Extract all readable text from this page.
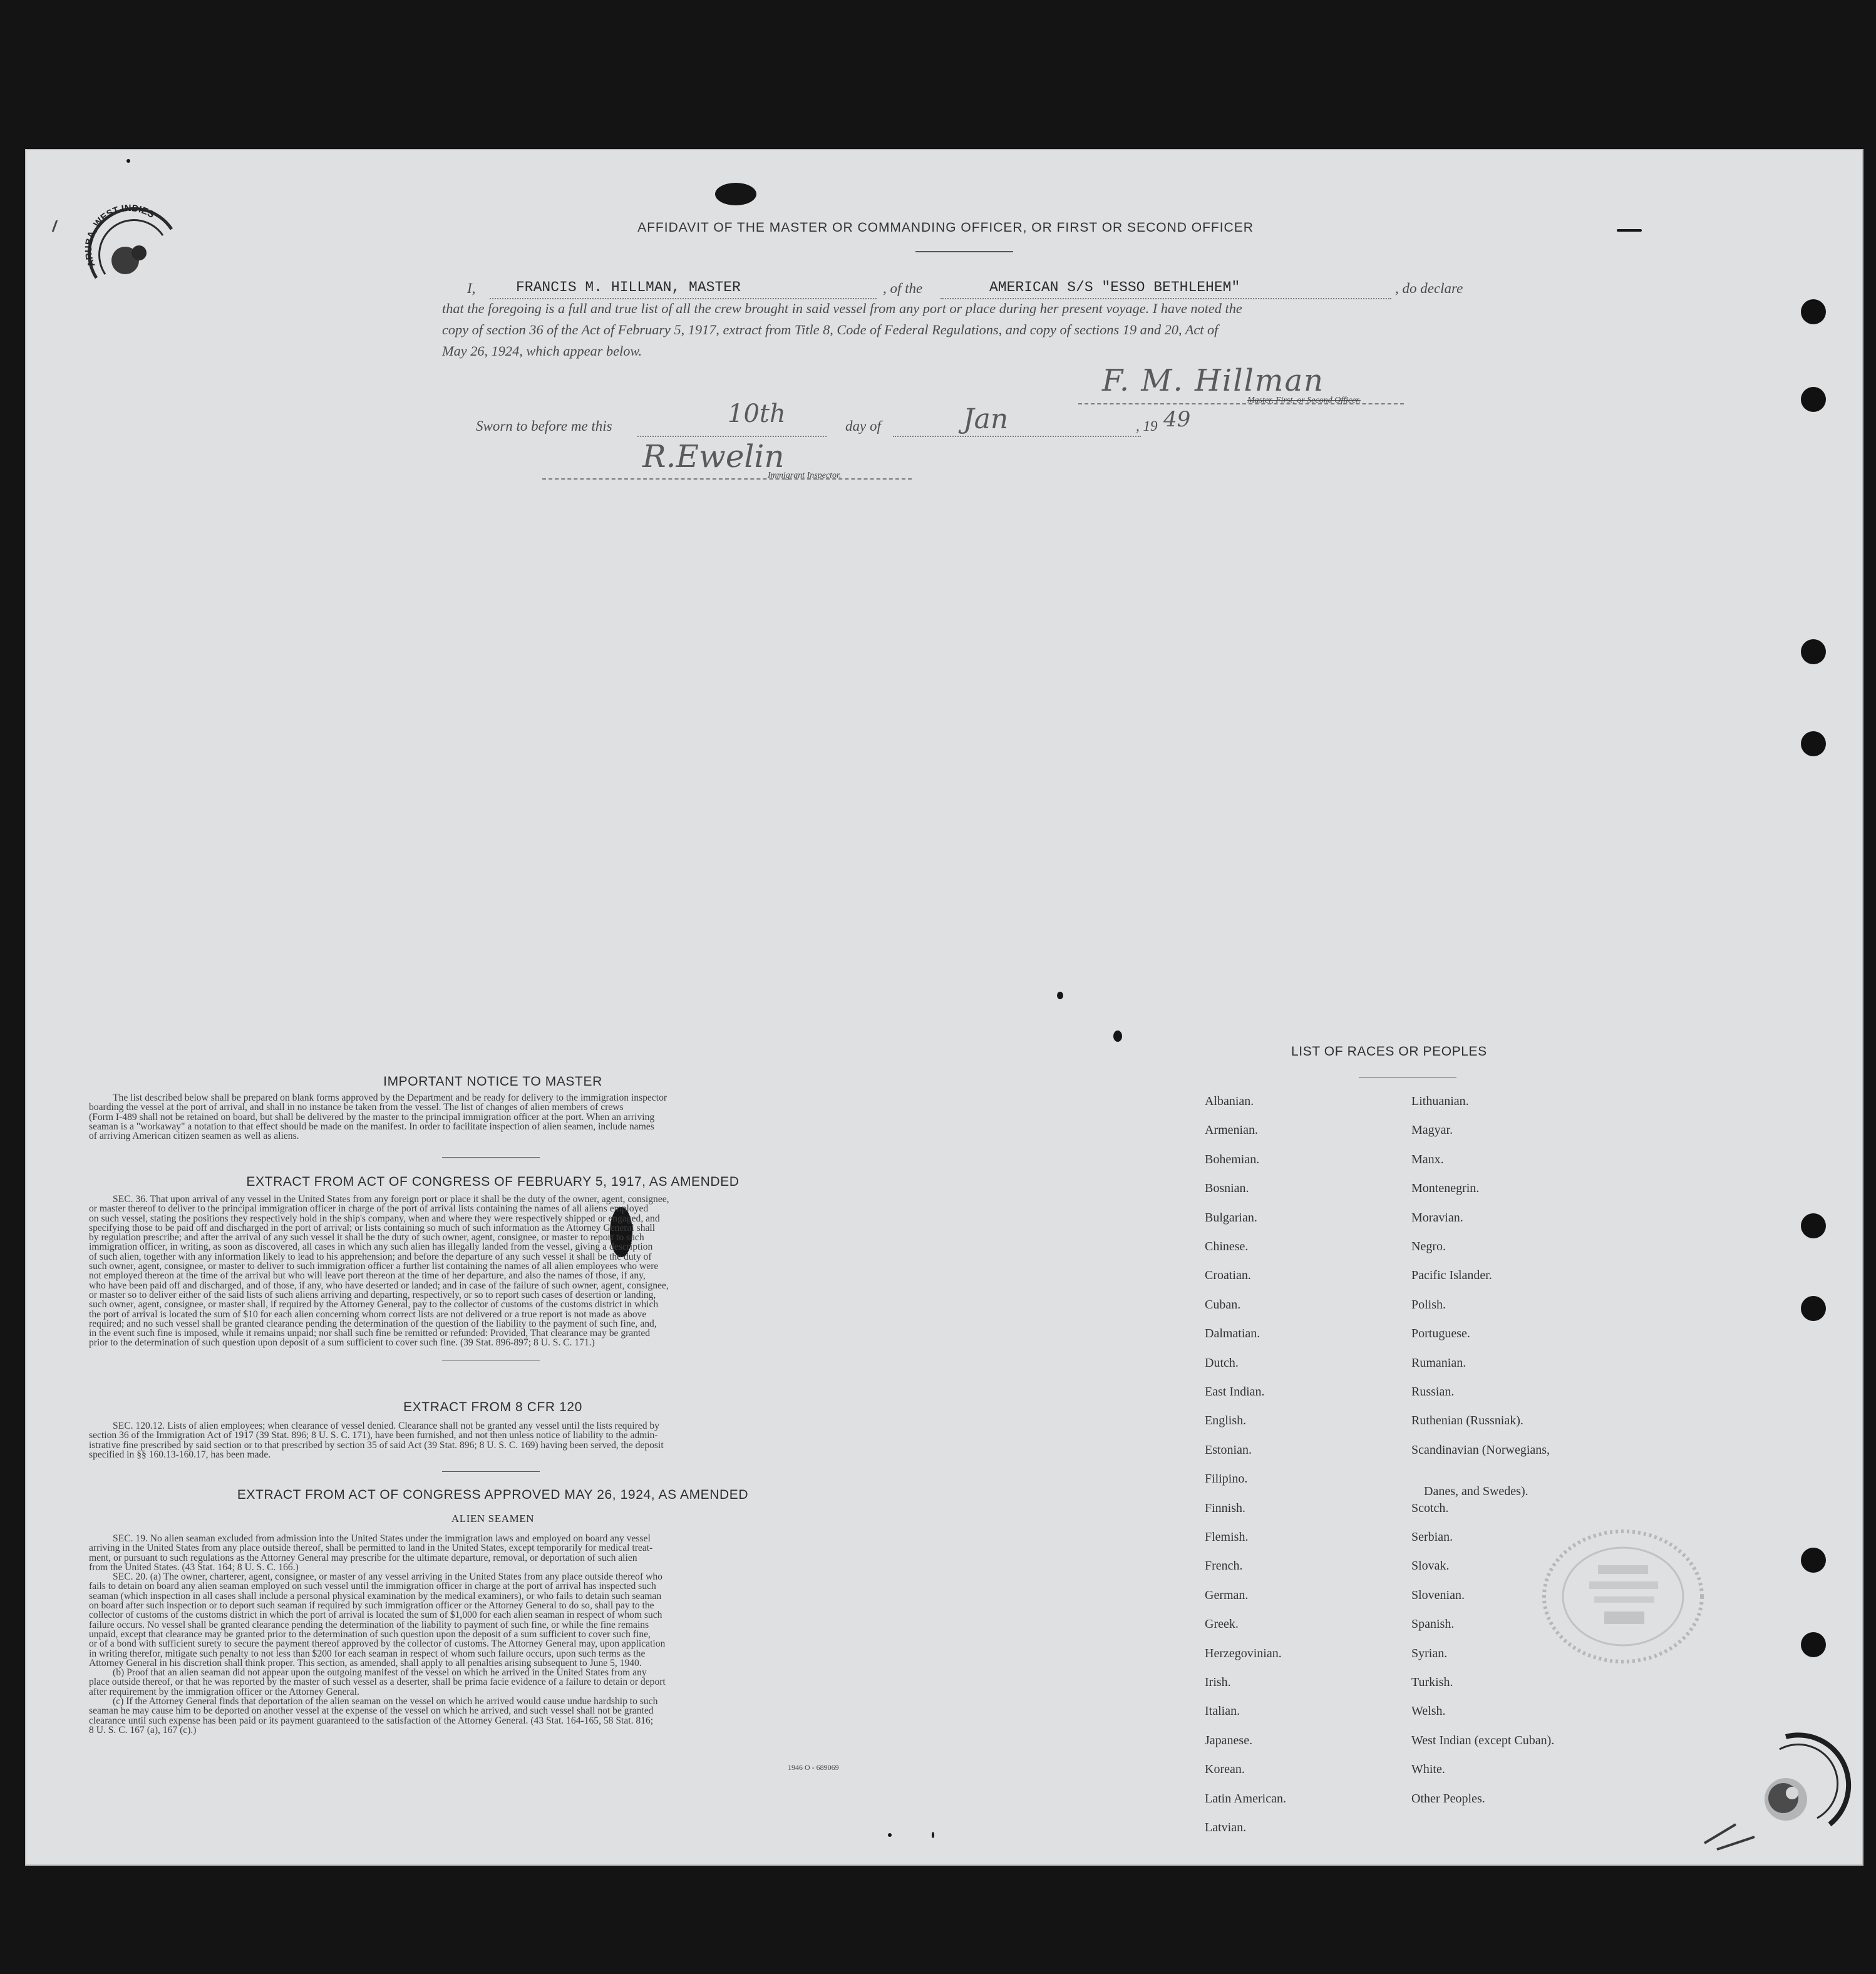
ARUBA, WEST INDIES
AFFIDAVIT OF THE MASTER OR COMMANDING OFFICER, OR FIRST OR SECOND OFFICER
I,	FRANCIS M. HILLMAN, MASTER	, of the	AMERICAN S/S "ESSO BETHLEHEM"	, do declare
that the foregoing is a full and true list of all the crew brought in said vessel from any port or place during her present voyage. I have noted the
copy of section 36 of the Act of February 5, 1917, extract from Title 8, Code of Federal Regulations, and copy of sections 19 and 20, Act of
May 26, 1924, which appear below.
F. M. Hillman
Master, First, or Second Officer.
Sworn to before me this	10th	day of	Jan	, 19 49
R.Ewelin
Immigrant Inspector.
IMPORTANT NOTICE TO MASTER
The list described below shall be prepared on blank forms approved by the Department and be ready for delivery to the immigration inspector
boarding the vessel at the port of arrival, and shall in no instance be taken from the vessel. The list of changes of alien members of crews
(Form I-489 shall not be retained on board, but shall be delivered by the master to the principal immigration officer at the port. When an arriving
seaman is a "workaway" a notation to that effect should be made on the manifest. In order to facilitate inspection of alien seamen, include names
of arriving American citizen seamen as well as aliens.
EXTRACT FROM ACT OF CONGRESS OF FEBRUARY 5, 1917, AS AMENDED
SEC. 36. That upon arrival of any vessel in the United States from any foreign port or place it shall be the duty of the owner, agent, consignee,
or master thereof to deliver to the principal immigration officer in charge of the port of arrival lists containing the names of all aliens employed
on such vessel, stating the positions they respectively hold in the ship's company, when and where they were respectively shipped or engaged, and
specifying those to be paid off and discharged in the port of arrival; or lists containing so much of such information as the Attorney General shall
by regulation prescribe; and after the arrival of any such vessel it shall be the duty of such owner, agent, consignee, or master to report to such
immigration officer, in writing, as soon as discovered, all cases in which any such alien has illegally landed from the vessel, giving a description
of such alien, together with any information likely to lead to his apprehension; and before the departure of any such vessel it shall be the duty of
such owner, agent, consignee, or master to deliver to such immigration officer a further list containing the names of all alien employees who were
not employed thereon at the time of the arrival but who will leave port thereon at the time of her departure, and also the names of those, if any,
who have been paid off and discharged, and of those, if any, who have deserted or landed; and in case of the failure of such owner, agent, consignee,
or master so to deliver either of the said lists of such aliens arriving and departing, respectively, or so to report such cases of desertion or landing,
such owner, agent, consignee, or master shall, if required by the Attorney General, pay to the collector of customs of the customs district in which
the port of arrival is located the sum of $10 for each alien concerning whom correct lists are not delivered or a true report is not made as above
required; and no such vessel shall be granted clearance pending the determination of the question of the liability to the payment of such fine, and,
in the event such fine is imposed, while it remains unpaid; nor shall such fine be remitted or refunded: Provided, That clearance may be granted
prior to the determination of such question upon deposit of a sum sufficient to cover such fine. (39 Stat. 896-897; 8 U. S. C. 171.)
EXTRACT FROM 8 CFR 120
SEC. 120.12. Lists of alien employees; when clearance of vessel denied. Clearance shall not be granted any vessel until the lists required by
section 36 of the Immigration Act of 1917 (39 Stat. 896; 8 U. S. C. 171), have been furnished, and not then unless notice of liability to the admin-
istrative fine prescribed by said section or to that prescribed by section 35 of said Act (39 Stat. 896; 8 U. S. C. 169) having been served, the deposit
specified in §§ 160.13-160.17, has been made.
EXTRACT FROM ACT OF CONGRESS APPROVED MAY 26, 1924, AS AMENDED
ALIEN SEAMEN
SEC. 19. No alien seaman excluded from admission into the United States under the immigration laws and employed on board any vessel
arriving in the United States from any place outside thereof, shall be permitted to land in the United States, except temporarily for medical treat-
ment, or pursuant to such regulations as the Attorney General may prescribe for the ultimate departure, removal, or deportation of such alien
from the United States. (43 Stat. 164; 8 U. S. C. 166.)
SEC. 20. (a) The owner, charterer, agent, consignee, or master of any vessel arriving in the United States from any place outside thereof who
fails to detain on board any alien seaman employed on such vessel until the immigration officer in charge at the port of arrival has inspected such
seaman (which inspection in all cases shall include a personal physical examination by the medical examiners), or who fails to detain such seaman
on board after such inspection or to deport such seaman if required by such immigration officer or the Attorney General to do so, shall pay to the
collector of customs of the customs district in which the port of arrival is located the sum of $1,000 for each alien seaman in respect of whom such
failure occurs. No vessel shall be granted clearance pending the determination of the liability to payment of such fine, or while the fine remains
unpaid, except that clearance may be granted prior to the determination of such question upon the deposit of a sum sufficient to cover such fine,
or of a bond with sufficient surety to secure the payment thereof approved by the collector of customs. The Attorney General may, upon application
in writing therefor, mitigate such penalty to not less than $200 for each seaman in respect of whom such failure occurs, upon such terms as the
Attorney General in his discretion shall think proper. This section, as amended, shall apply to all penalties arising subsequent to June 5, 1940.
(b) Proof that an alien seaman did not appear upon the outgoing manifest of the vessel on which he arrived in the United States from any
place outside thereof, or that he was reported by the master of such vessel as a deserter, shall be prima facie evidence of a failure to detain or deport
after requirement by the immigration officer or the Attorney General.
(c) If the Attorney General finds that deportation of the alien seaman on the vessel on which he arrived would cause undue hardship to such
seaman he may cause him to be deported on another vessel at the expense of the vessel on which he arrived, and such vessel shall not be granted
clearance until such expense has been paid or its payment guaranteed to the satisfaction of the Attorney General. (43 Stat. 164-165, 58 Stat. 816;
8 U. S. C. 167 (a), 167 (c).)
1946 O - 689069
LIST OF RACES OR PEOPLES
Albanian.
Armenian.
Bohemian.
Bosnian.
Bulgarian.
Chinese.
Croatian.
Cuban.
Dalmatian.
Dutch.
East Indian.
English.
Estonian.
Filipino.
Finnish.
Flemish.
French.
German.
Greek.
Herzegovinian.
Irish.
Italian.
Japanese.
Korean.
Latin American.
Latvian.
Lithuanian.
Magyar.
Manx.
Montenegrin.
Moravian.
Negro.
Pacific Islander.
Polish.
Portuguese.
Rumanian.
Russian.
Ruthenian (Russniak).
Scandinavian (Norwegians,
Danes, and Swedes).
Scotch.
Serbian.
Slovak.
Slovenian.
Spanish.
Syrian.
Turkish.
Welsh.
West Indian (except Cuban).
White.
Other Peoples.
